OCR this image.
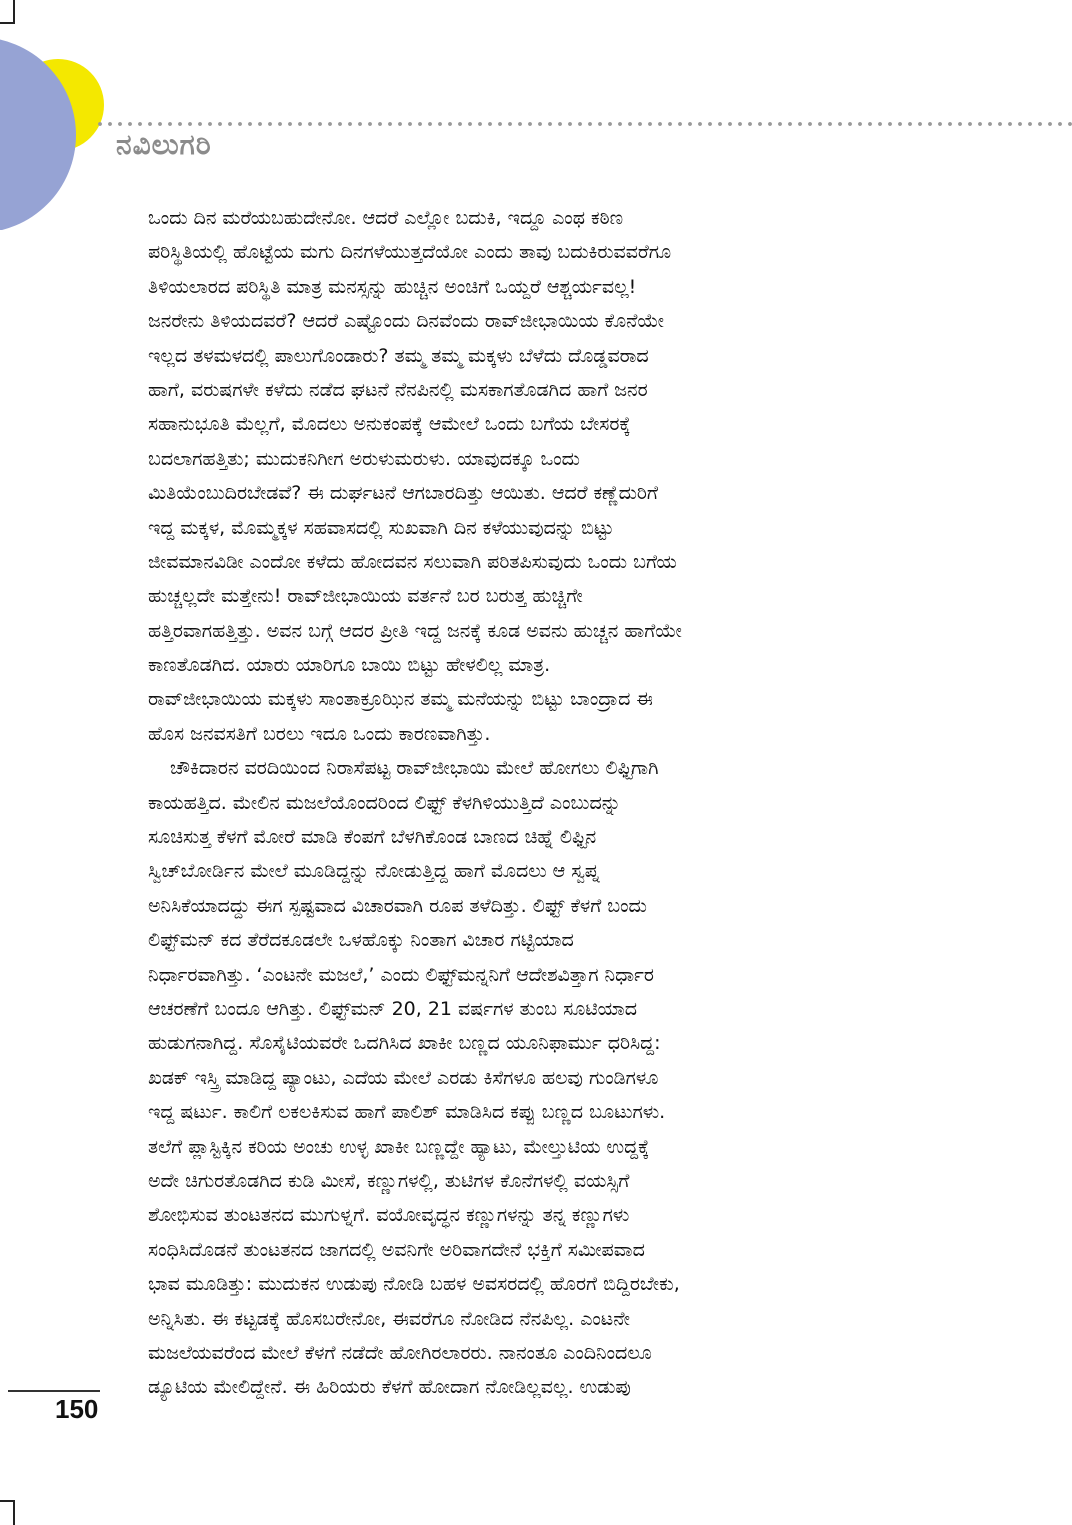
ನವಿಲುಗರಿ
ಒಂದು ದಿನ ಮರೆಯಬಹುದೇನೋ. ಆದರೆ ಎಲ್ಲೋ ಬದುಕಿ, ಇದ್ದೂ ಎಂಥ ಕಠಿಣ
ಪರಿಸ್ಥಿತಿಯಲ್ಲಿ ಹೊಟ್ಟೆಯ ಮಗು ದಿನಗಳೆಯುತ್ತದೆಯೋ ಎಂದು ತಾವು ಬದುಕಿರುವವರೆಗೂ
ತಿಳಿಯಲಾರದ ಪರಿಸ್ಥಿತಿ ಮಾತ್ರ ಮನಸ್ಸನ್ನು ಹುಚ್ಚಿನ ಅಂಚಿಗೆ ಒಯ್ದರೆ ಆಶ್ಚರ್ಯವಲ್ಲ!
ಜನರೇನು ತಿಳಿಯದವರೆ? ಆದರೆ ಎಷ್ಟೊಂದು ದಿನವೆಂದು ರಾವ್‌ಜೀಭಾಯಿಯ ಕೊನೆಯೇ
ಇಲ್ಲದ ತಳಮಳದಲ್ಲಿ ಪಾಲುಗೊಂಡಾರು? ತಮ್ಮ ತಮ್ಮ ಮಕ್ಕಳು ಬೆಳೆದು ದೊಡ್ಡವರಾದ
ಹಾಗೆ, ವರುಷಗಳೇ ಕಳೆದು ನಡೆದ ಘಟನೆ ನೆನಪಿನಲ್ಲಿ ಮಸಕಾಗತೊಡಗಿದ ಹಾಗೆ ಜನರ
ಸಹಾನುಭೂತಿ ಮೆಲ್ಲಗೆ, ಮೊದಲು ಅನುಕಂಪಕ್ಕೆ ಆಮೇಲೆ ಒಂದು ಬಗೆಯ ಬೇಸರಕ್ಕೆ
ಬದಲಾಗಹತ್ತಿತು; ಮುದುಕನಿಗೀಗ ಅರುಳುಮರುಳು. ಯಾವುದಕ್ಕೂ ಒಂದು
ಮಿತಿಯೆಂಬುದಿರಬೇಡವೆ? ಈ ದುರ್ಘಟನೆ ಆಗಬಾರದಿತ್ತು ಆಯಿತು. ಆದರೆ ಕಣ್ಣೆದುರಿಗೆ
ಇದ್ದ ಮಕ್ಕಳ, ಮೊಮ್ಮಕ್ಕಳ ಸಹವಾಸದಲ್ಲಿ ಸುಖವಾಗಿ ದಿನ ಕಳೆಯುವುದನ್ನು ಬಿಟ್ಟು
ಜೀವಮಾನವಿಡೀ ಎಂದೋ ಕಳೆದು ಹೋದವನ ಸಲುವಾಗಿ ಪರಿತಪಿಸುವುದು ಒಂದು ಬಗೆಯ
ಹುಚ್ಚಲ್ಲದೇ ಮತ್ತೇನು! ರಾವ್‌ಜೀಭಾಯಿಯ ವರ್ತನೆ ಬರ ಬರುತ್ತ ಹುಚ್ಚಿಗೇ
ಹತ್ತಿರವಾಗಹತ್ತಿತ್ತು. ಅವನ ಬಗ್ಗೆ ಆದರ ಪ್ರೀತಿ ಇದ್ದ ಜನಕ್ಕೆ ಕೂಡ ಅವನು ಹುಚ್ಚನ ಹಾಗೆಯೇ
ಕಾಣತೊಡಗಿದ. ಯಾರು ಯಾರಿಗೂ ಬಾಯಿ ಬಿಟ್ಟು ಹೇಳಲಿಲ್ಲ ಮಾತ್ರ.
ರಾವ್‌ಜೀಭಾಯಿಯ ಮಕ್ಕಳು ಸಾಂತಾಕ್ರೂಝಿನ ತಮ್ಮ ಮನೆಯನ್ನು ಬಿಟ್ಟು ಬಾಂದ್ರಾದ ಈ
ಹೊಸ ಜನವಸತಿಗೆ ಬರಲು ಇದೂ ಒಂದು ಕಾರಣವಾಗಿತ್ತು.
ಚೌಕಿದಾರನ ವರದಿಯಿಂದ ನಿರಾಸೆಪಟ್ಟ ರಾವ್‌ಜೀಭಾಯಿ ಮೇಲೆ ಹೋಗಲು ಲಿಫ್ಟಿಗಾಗಿ
ಕಾಯಹತ್ತಿದ. ಮೇಲಿನ ಮಜಲೆಯೊಂದರಿಂದ ಲಿಫ್ಟ್ ಕೆಳಗಿಳಿಯುತ್ತಿದೆ ಎಂಬುದನ್ನು
ಸೂಚಿಸುತ್ತ ಕೆಳಗೆ ಮೋರೆ ಮಾಡಿ ಕೆಂಪಗೆ ಬೆಳಗಿಕೊಂಡ ಬಾಣದ ಚಿಹ್ನೆ ಲಿಫ್ಟಿನ
ಸ್ವಿಚ್‌ಬೋರ್ಡಿನ ಮೇಲೆ ಮೂಡಿದ್ದನ್ನು ನೋಡುತ್ತಿದ್ದ ಹಾಗೆ ಮೊದಲು ಆ ಸ್ವಪ್ನ
ಅನಿಸಿಕೆಯಾದದ್ದು ಈಗ ಸ್ಪಷ್ಟವಾದ ವಿಚಾರವಾಗಿ ರೂಪ ತಳೆದಿತ್ತು. ಲಿಫ್ಟ್ ಕೆಳಗೆ ಬಂದು
ಲಿಫ್ಟ್‌ಮನ್ ಕದ ತೆರೆದಕೂಡಲೇ ಒಳಹೊಕ್ಕು ನಿಂತಾಗ ವಿಚಾರ ಗಟ್ಟಿಯಾದ
ನಿರ್ಧಾರವಾಗಿತ್ತು. ‘ಎಂಟನೇ ಮಜಲೆ,’ ಎಂದು ಲಿಫ್ಟ್‌ಮನ್ನನಿಗೆ ಆದೇಶವಿತ್ತಾಗ ನಿರ್ಧಾರ
ಆಚರಣೆಗೆ ಬಂದೂ ಆಗಿತ್ತು. ಲಿಫ್ಟ್‌ಮನ್ 20, 21 ವರ್ಷಗಳ ತುಂಬ ಸೂಟಿಯಾದ
ಹುಡುಗನಾಗಿದ್ದ. ಸೊಸೈಟಿಯವರೇ ಒದಗಿಸಿದ ಖಾಕೀ ಬಣ್ಣದ ಯೂನಿಫಾರ್ಮು ಧರಿಸಿದ್ದ:
ಖಡಕ್ ಇಸ್ತ್ರಿ ಮಾಡಿದ್ದ ಪ್ಯಾಂಟು, ಎದೆಯ ಮೇಲೆ ಎರಡು ಕಿಸೆಗಳೂ ಹಲವು ಗುಂಡಿಗಳೂ
ಇದ್ದ ಷರ್ಟು. ಕಾಲಿಗೆ ಲಕಲಕಿಸುವ ಹಾಗೆ ಪಾಲಿಶ್ ಮಾಡಿಸಿದ ಕಪ್ಪು ಬಣ್ಣದ ಬೂಟುಗಳು.
ತಲೆಗೆ ಪ್ಲಾಸ್ಟಿಕ್ಕಿನ ಕರಿಯ ಅಂಚು ಉಳ್ಳ ಖಾಕೀ ಬಣ್ಣದ್ದೇ ಹ್ಯಾಟು, ಮೇಲ್ತುಟಿಯ ಉದ್ದಕ್ಕೆ
ಅದೇ ಚಿಗುರತೊಡಗಿದ ಕುಡಿ ಮೀಸೆ, ಕಣ್ಣುಗಳಲ್ಲಿ, ತುಟಿಗಳ ಕೊನೆಗಳಲ್ಲಿ ವಯಸ್ಸಿಗೆ
ಶೋಭಿಸುವ ತುಂಟತನದ ಮುಗುಳ್ನಗೆ. ವಯೋವೃದ್ಧನ ಕಣ್ಣುಗಳನ್ನು ತನ್ನ ಕಣ್ಣುಗಳು
ಸಂಧಿಸಿದೊಡನೆ ತುಂಟತನದ ಜಾಗದಲ್ಲಿ ಅವನಿಗೇ ಅರಿವಾಗದೇನೆ ಭಕ್ತಿಗೆ ಸಮೀಪವಾದ
ಭಾವ ಮೂಡಿತ್ತು: ಮುದುಕನ ಉಡುಪು ನೋಡಿ ಬಹಳ ಅವಸರದಲ್ಲಿ ಹೊರಗೆ ಬಿದ್ದಿರಬೇಕು,
ಅನ್ನಿಸಿತು. ಈ ಕಟ್ಟಡಕ್ಕೆ ಹೊಸಬರೇನೋ, ಈವರೆಗೂ ನೋಡಿದ ನೆನಪಿಲ್ಲ. ಎಂಟನೇ
ಮಜಲೆಯವರೆಂದ ಮೇಲೆ ಕೆಳಗೆ ನಡೆದೇ ಹೋಗಿರಲಾರರು. ನಾನಂತೂ ಎಂದಿನಿಂದಲೂ
ಡ್ಯೂಟಿಯ ಮೇಲಿದ್ದೇನೆ. ಈ ಹಿರಿಯರು ಕೆಳಗೆ ಹೋದಾಗ ನೋಡಿಲ್ಲವಲ್ಲ. ಉಡುಪು
150
